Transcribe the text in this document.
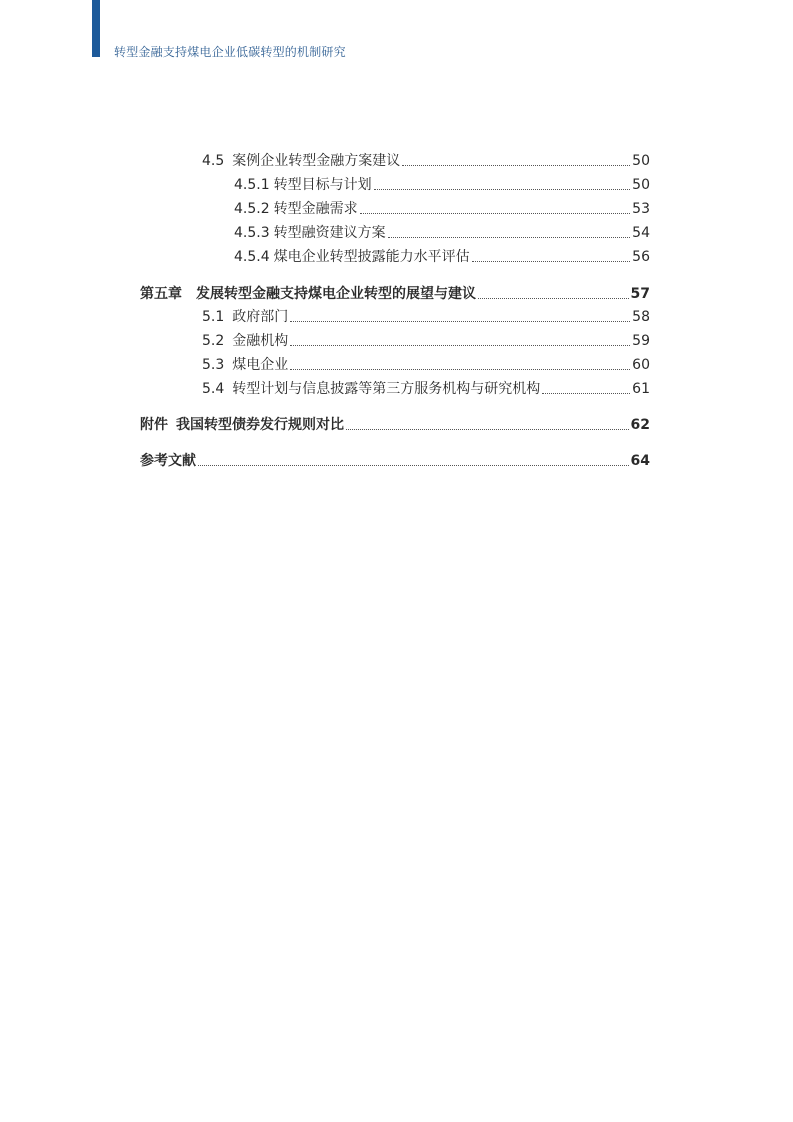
转型金融支持煤电企业低碳转型的机制研究
4.5 案例企业转型金融方案建议	50
4.5.1 转型目标与计划	50
4.5.2 转型金融需求	53
4.5.3 转型融资建议方案	54
4.5.4 煤电企业转型披露能力水平评估	56
第五章 发展转型金融支持煤电企业转型的展望与建议	57
5.1 政府部门	58
5.2 金融机构	59
5.3 煤电企业	60
5.4 转型计划与信息披露等第三方服务机构与研究机构	61
附件 我国转型债券发行规则对比	62
参考文献	64
